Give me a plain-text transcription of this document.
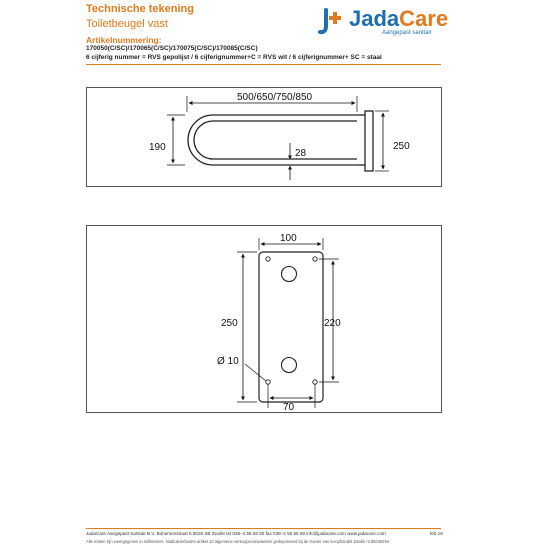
Technische tekening
Toiletbeugel vast
Artikelnummering:
170050(C/SC)/170065(C/SC)/170075(C/SC)/170085(C/SC)
6 cijferig nummer = RVS gepolijst / 6 cijferignummer+C = RVS wit / 6 cijferignummer+ SC = staal
JadaCare
Aangepast sanitair
500/650/750/850
190
28
250
100
250	220
Ø 10
70
JadaCare Aangepast Sanitair B.V. Bohemenstraat 5 8028 SB Zwolle tel 038–4 55 55 60 fax 038–4 55 55 69 info@jadacare.com www.jadacare.com	feb 18
Alle maten zijn weergegeven in millimeters. Nadrukverboden artikel 12 algemene verkoopvoorwaarden gedeponeerd bij de Kamer van Koophandel Zwolle nr.05046254
